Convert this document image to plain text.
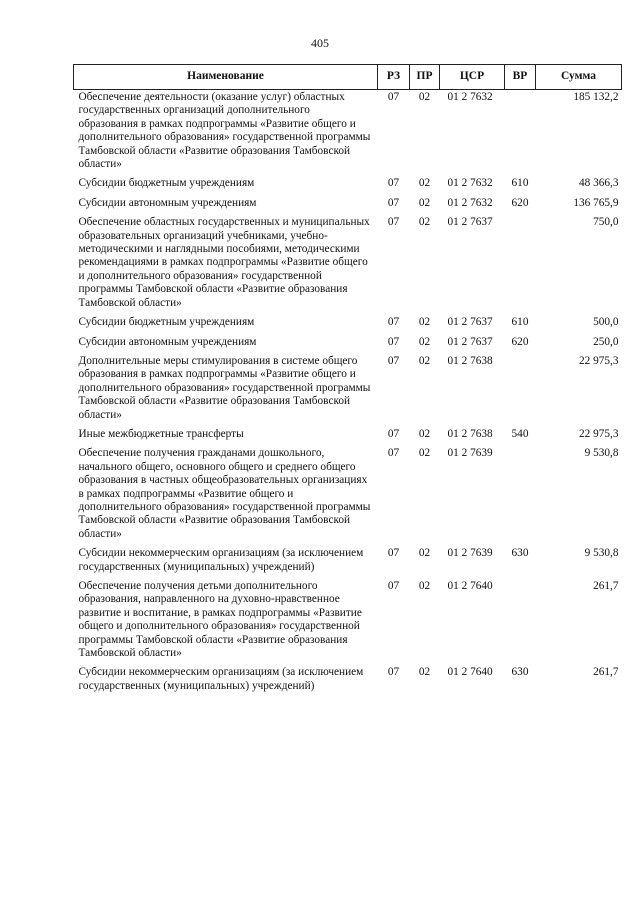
405
Наименование	РЗ	ПР	ЦСР	ВР	Сумма
Обеспечение деятельности (оказание услуг) областных государственных организаций дополнительного образования в рамках подпрограммы «Развитие общего и дополнительного образования» государственной программы Тамбовской области «Развитие образования Тамбовской области»	07	02	01 2 7632		185 132,2
Субсидии бюджетным учреждениям	07	02	01 2 7632	610	48 366,3
Субсидии автономным учреждениям	07	02	01 2 7632	620	136 765,9
Обеспечение областных государственных и муниципальных образовательных организаций учебниками, учебно-методическими и наглядными пособиями, методическими рекомендациями в рамках подпрограммы «Развитие общего и дополнительного образования» государственной программы Тамбовской области «Развитие образования Тамбовской области»	07	02	01 2 7637		750,0
Субсидии бюджетным учреждениям	07	02	01 2 7637	610	500,0
Субсидии автономным учреждениям	07	02	01 2 7637	620	250,0
Дополнительные меры стимулирования в системе общего образования в рамках подпрограммы «Развитие общего и дополнительного образования» государственной программы Тамбовской области «Развитие образования Тамбовской области»	07	02	01 2 7638		22 975,3
Иные межбюджетные трансферты	07	02	01 2 7638	540	22 975,3
Обеспечение получения гражданами дошкольного, начального общего, основного общего и среднего общего образования в частных общеобразовательных организациях в рамках подпрограммы «Развитие общего и дополнительного образования» государственной программы Тамбовской области «Развитие образования Тамбовской области»	07	02	01 2 7639		9 530,8
Субсидии некоммерческим организациям (за исключением государственных (муниципальных) учреждений)	07	02	01 2 7639	630	9 530,8
Обеспечение получения детьми дополнительного образования, направленного на духовно-нравственное развитие и воспитание, в рамках подпрограммы «Развитие общего и дополнительного образования» государственной программы Тамбовской области «Развитие образования Тамбовской области»	07	02	01 2 7640		261,7
Субсидии некоммерческим организациям (за исключением государственных (муниципальных) учреждений)	07	02	01 2 7640	630	261,7
